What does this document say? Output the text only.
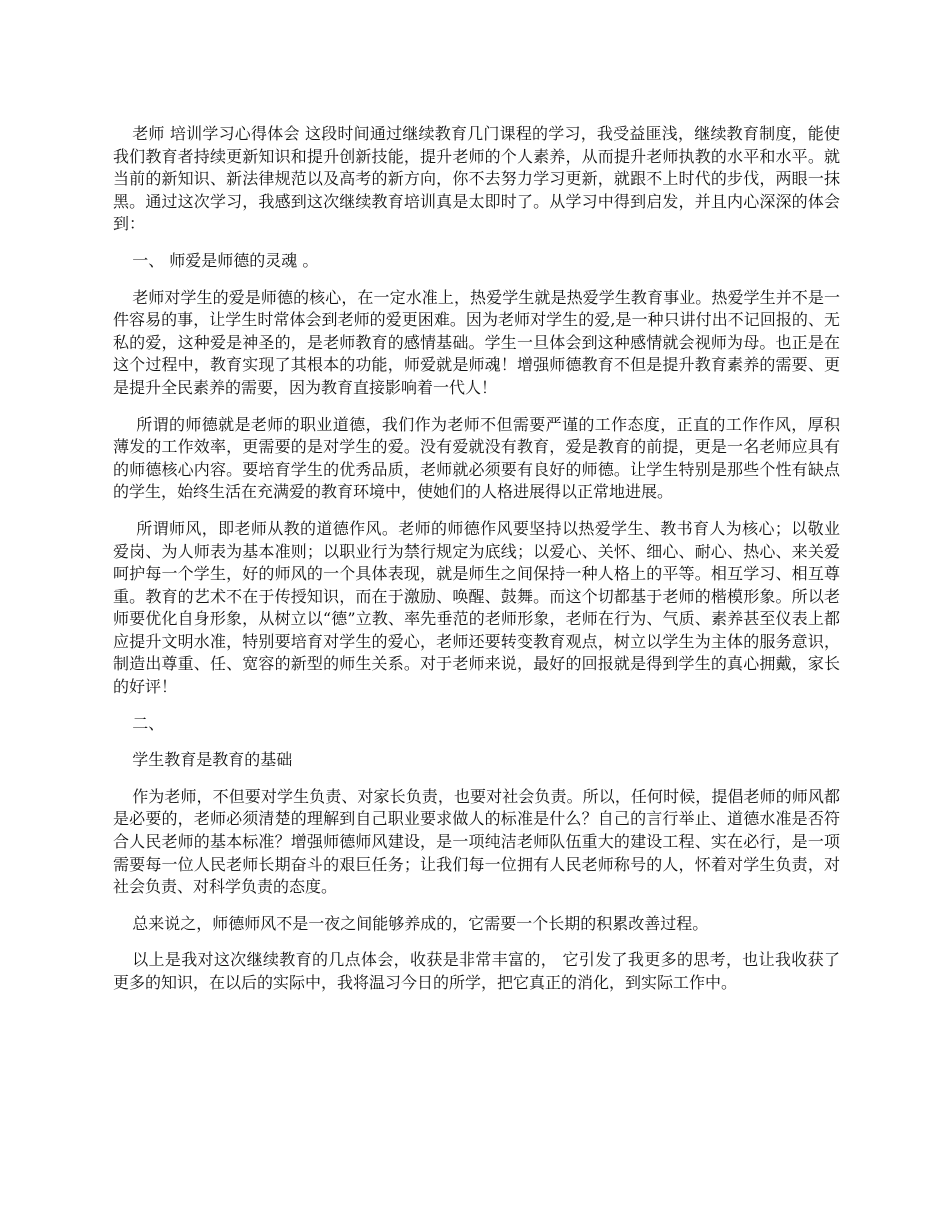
老师 培训学习心得体会 这段时间通过继续教育几门课程的学习，我受益匪浅，继续教育制度，能使我们教育者持续更新知识和提升创新技能，提升老师的个人素养，从而提升老师执教的水平和水平。就当前的新知识、新法律规范以及高考的新方向，你不去努力学习更新，就跟不上时代的步伐，两眼一抹黑。通过这次学习，我感到这次继续教育培训真是太即时了。从学习中得到启发，并且内心深深的体会到：

一、 师爱是师德的灵魂 。

老师对学生的爱是师德的核心，在一定水准上，热爱学生就是热爱学生教育事业。热爱学生并不是一件容易的事，让学生时常体会到老师的爱更困难。因为老师对学生的爱,是一种只讲付出不记回报的、无私的爱，这种爱是神圣的，是老师教育的感情基础。学生一旦体会到这种感情就会视师为母。也正是在这个过程中，教育实现了其根本的功能，师爱就是师魂！增强师德教育不但是提升教育素养的需要、更是提升全民素养的需要，因为教育直接影响着一代人！

所谓的师德就是老师的职业道德，我们作为老师不但需要严谨的工作态度，正直的工作作风，厚积薄发的工作效率，更需要的是对学生的爱。没有爱就没有教育，爱是教育的前提，更是一名老师应具有的师德核心内容。要培育学生的优秀品质，老师就必须要有良好的师德。让学生特别是那些个性有缺点的学生，始终生活在充满爱的教育环境中，使她们的人格进展得以正常地进展。

所谓师风，即老师从教的道德作风。老师的师德作风要坚持以热爱学生、教书育人为核心；以敬业爱岗、为人师表为基本准则；以职业行为禁行规定为底线；以爱心、关怀、细心、耐心、热心、来关爱呵护每一个学生，好的师风的一个具体表现，就是师生之间保持一种人格上的平等。相互学习、相互尊重。教育的艺术不在于传授知识，而在于激励、唤醒、鼓舞。而这个切都基于老师的楷模形象。所以老师要优化自身形象，从树立以“德”立教、率先垂范的老师形象，老师在行为、气质、素养甚至仪表上都应提升文明水准，特别要培育对学生的爱心，老师还要转变教育观点，树立以学生为主体的服务意识，制造出尊重、任、宽容的新型的师生关系。对于老师来说，最好的回报就是得到学生的真心拥戴，家长的好评！

二、

学生教育是教育的基础

作为老师，不但要对学生负责、对家长负责，也要对社会负责。所以，任何时候，提倡老师的师风都是必要的，老师必须清楚的理解到自己职业要求做人的标准是什么？自己的言行举止、道德水准是否符合人民老师的基本标准？增强师德师风建设，是一项纯洁老师队伍重大的建设工程、实在必行，是一项需要每一位人民老师长期奋斗的艰巨任务；让我们每一位拥有人民老师称号的人，怀着对学生负责，对社会负责、对科学负责的态度。

总来说之，师德师风不是一夜之间能够养成的，它需要一个长期的积累改善过程。

以上是我对这次继续教育的几点体会，收获是非常丰富的， 它引发了我更多的思考，也让我收获了更多的知识，在以后的实际中，我将温习今日的所学，把它真正的消化，到实际工作中。
